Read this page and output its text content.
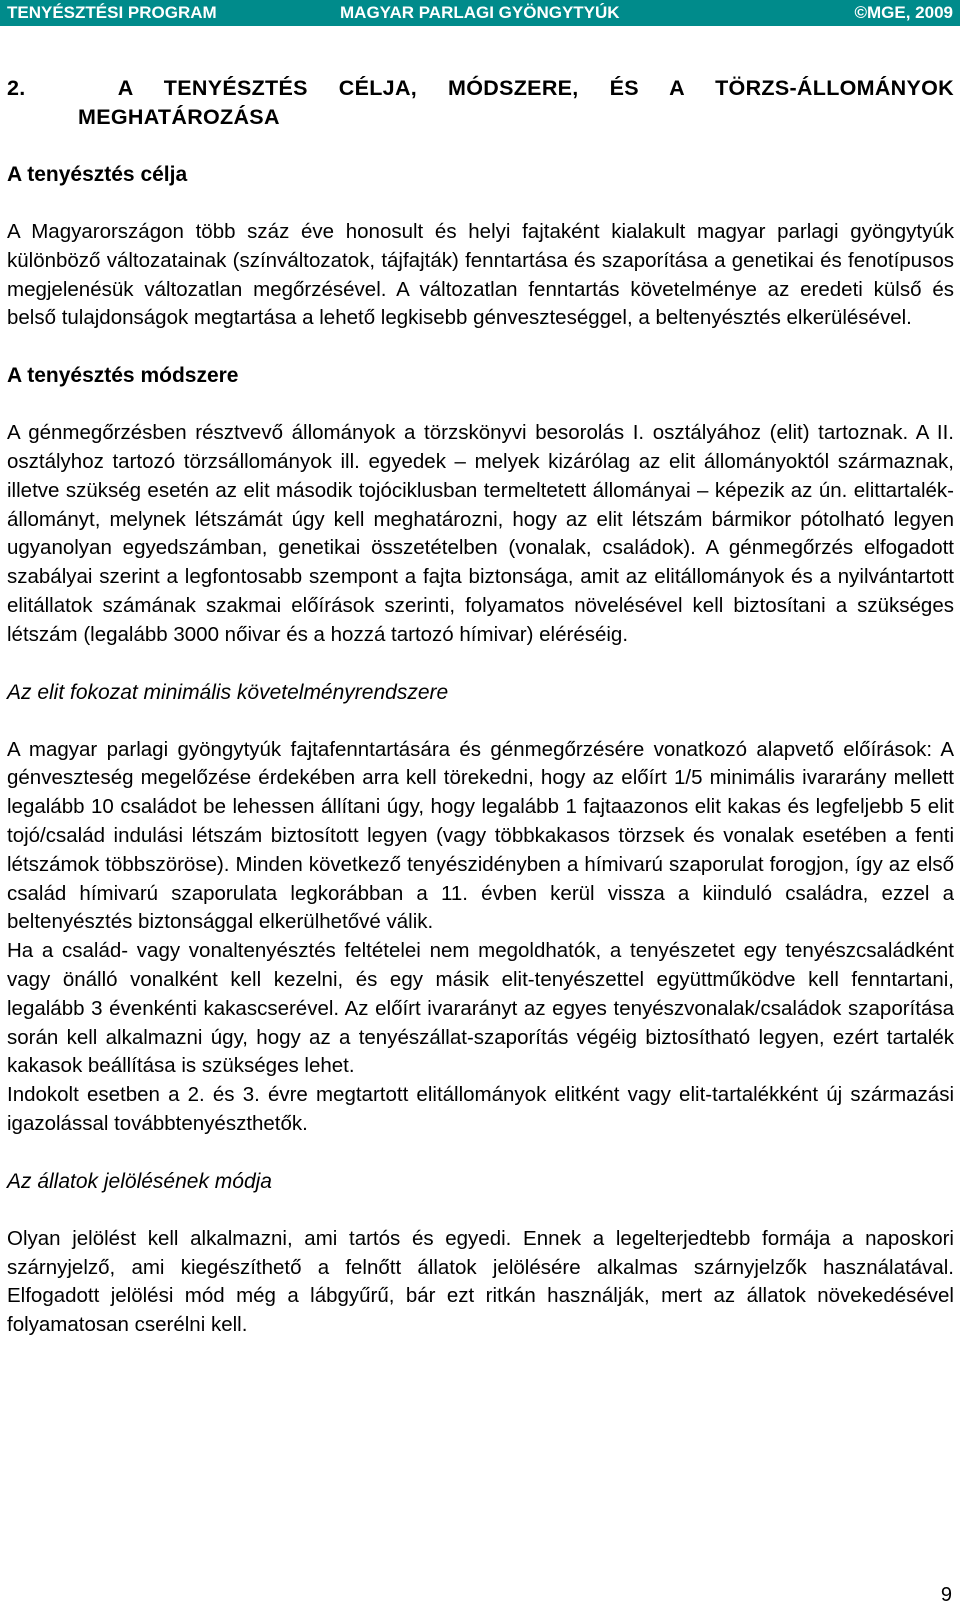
TENYÉSZTÉSI PROGRAM	MAGYAR PARLAGI GYÖNGYTYÚK	©MGE, 2009
2.   A TENYÉSZTÉS CÉLJA, MÓDSZERE, ÉS A TÖRZS-ÁLLOMÁNYOK
MEGHATÁROZÁSA
A tenyésztés célja

A Magyarországon több száz éve honosult és helyi fajtaként kialakult magyar parlagi gyöngytyúk különböző változatainak (színváltozatok, tájfajták) fenntartása és szaporítása a genetikai és fenotípusos megjelenésük változatlan megőrzésével. A változatlan fenntartás követelménye az eredeti külső és belső tulajdonságok megtartása a lehető legkisebb génveszteséggel, a beltenyésztés elkerülésével.

A tenyésztés módszere

A génmegőrzésben résztvevő állományok a törzskönyvi besorolás I. osztályához (elit) tartoznak. A II. osztályhoz tartozó törzsállományok ill. egyedek – melyek kizárólag az elit állományoktól származnak, illetve szükség esetén az elit második tojóciklusban termeltetett állományai – képezik az ún. elittartalék-állományt, melynek létszámát úgy kell meghatározni, hogy az elit létszám bármikor pótolható legyen ugyanolyan egyedszámban, genetikai összetételben (vonalak, családok). A génmegőrzés elfogadott szabályai szerint a legfontosabb szempont a fajta biztonsága, amit az elitállományok és a nyilvántartott elitállatok számának szakmai előírások szerinti, folyamatos növelésével kell biztosítani a szükséges létszám (legalább 3000 nőivar és a hozzá tartozó hímivar) eléréséig.

Az elit fokozat minimális követelményrendszere

A magyar parlagi gyöngytyúk fajtafenntartására és génmegőrzésére vonatkozó alapvető előírások: A génveszteség megelőzése érdekében arra kell törekedni, hogy az előírt 1/5 minimális ivararány mellett legalább 10 családot be lehessen állítani úgy, hogy legalább 1 fajtaazonos elit kakas és legfeljebb 5 elit tojó/család indulási létszám biztosított legyen (vagy többkakasos törzsek és vonalak esetében a fenti létszámok többszöröse). Minden következő tenyészidényben a hímivarú szaporulat forogjon, így az első család hímivarú szaporulata legkorábban a 11. évben kerül vissza a kiinduló családra, ezzel a beltenyésztés biztonsággal elkerülhetővé válik.

Ha a család- vagy vonaltenyésztés feltételei nem megoldhatók, a tenyészetet egy tenyészcsaládként vagy önálló vonalként kell kezelni, és egy másik elit-tenyészettel együttműködve kell fenntartani, legalább 3 évenkénti kakascserével. Az előírt ivararányt az egyes tenyészvonalak/családok szaporítása során kell alkalmazni úgy, hogy az a tenyészállat-szaporítás végéig biztosítható legyen, ezért tartalék kakasok beállítása is szükséges lehet.

Indokolt esetben a 2. és 3. évre megtartott elitállományok elitként vagy elit-tartalékként új származási igazolással továbbtenyészthetők.

Az állatok jelölésének módja

Olyan jelölést kell alkalmazni, ami tartós és egyedi. Ennek a legelterjedtebb formája a naposkori szárnyjelző, ami kiegészíthető a felnőtt állatok jelölésére alkalmas szárnyjelzők használatával. Elfogadott jelölési mód még a lábgyűrű, bár ezt ritkán használják, mert az állatok növekedésével folyamatosan cserélni kell.

9
